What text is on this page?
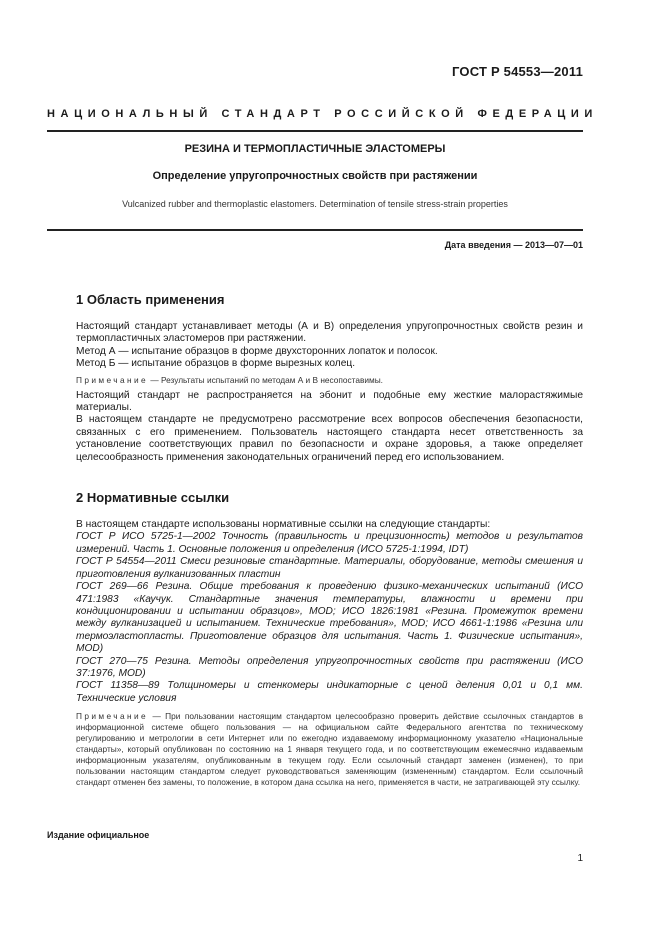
ГОСТ Р 54553—2011
НАЦИОНАЛЬНЫЙ СТАНДАРТ РОССИЙСКОЙ ФЕДЕРАЦИИ
РЕЗИНА И ТЕРМОПЛАСТИЧНЫЕ ЭЛАСТОМЕРЫ
Определение упругопрочностных свойств при растяжении
Vulcanized rubber and thermoplastic elastomers. Determination of tensile stress-strain properties
Дата введения — 2013—07—01
1 Область применения

Настоящий стандарт устанавливает методы (А и В) определения упругопрочностных свойств резин и термопластичных эластомеров при растяжении.

Метод А — испытание образцов в форме двухсторонних лопаток и полосок.

Метод Б — испытание образцов в форме вырезных колец.

Примечание — Результаты испытаний по методам А и В несопоставимы.

Настоящий стандарт не распространяется на эбонит и подобные ему жесткие малорастяжимые материалы.

В настоящем стандарте не предусмотрено рассмотрение всех вопросов обеспечения безопасности, связанных с его применением. Пользователь настоящего стандарта несет ответственность за установление соответствующих правил по безопасности и охране здоровья, а также определяет целесообразность применения законодательных ограничений перед его использованием.

2 Нормативные ссылки

В настоящем стандарте использованы нормативные ссылки на следующие стандарты:

ГОСТ Р ИСО 5725-1—2002 Точность (правильность и прецизионность) методов и результатов измерений. Часть 1. Основные положения и определения (ИСО 5725-1:1994, IDT)

ГОСТ Р 54554—2011 Смеси резиновые стандартные. Материалы, оборудование, методы смешения и приготовления вулканизованных пластин

ГОСТ 269—66 Резина. Общие требования к проведению физико-механических испытаний (ИСО 471:1983 «Каучук. Стандартные значения температуры, влажности и времени при кондиционировании и испытании образцов», MOD; ИСО 1826:1981 «Резина. Промежуток времени между вулканизацией и испытанием. Технические требования», MOD; ИСО 4661-1:1986 «Резина или термоэластопласты. Приготовление образцов для испытания. Часть 1. Физические испытания», MOD)

ГОСТ 270—75 Резина. Методы определения упругопрочностных свойств при растяжении (ИСО 37:1976, MOD)

ГОСТ 11358—89 Толщиномеры и стенкомеры индикаторные с ценой деления 0,01 и 0,1 мм. Технические условия

Примечание — При пользовании настоящим стандартом целесообразно проверить действие ссылочных стандартов в информационной системе общего пользования — на официальном сайте Федерального агентства по техническому регулированию и метрологии в сети Интернет или по ежегодно издаваемому информационному указателю «Национальные стандарты», который опубликован по состоянию на 1 января текущего года, и по соответствующим ежемесячно издаваемым информационным указателям, опубликованным в текущем году. Если ссылочный стандарт заменен (изменен), то при пользовании настоящим стандартом следует руководствоваться заменяющим (измененным) стандартом. Если ссылочный стандарт отменен без замены, то положение, в котором дана ссылка на него, применяется в части, не затрагивающей эту ссылку.
Издание официальное
1
